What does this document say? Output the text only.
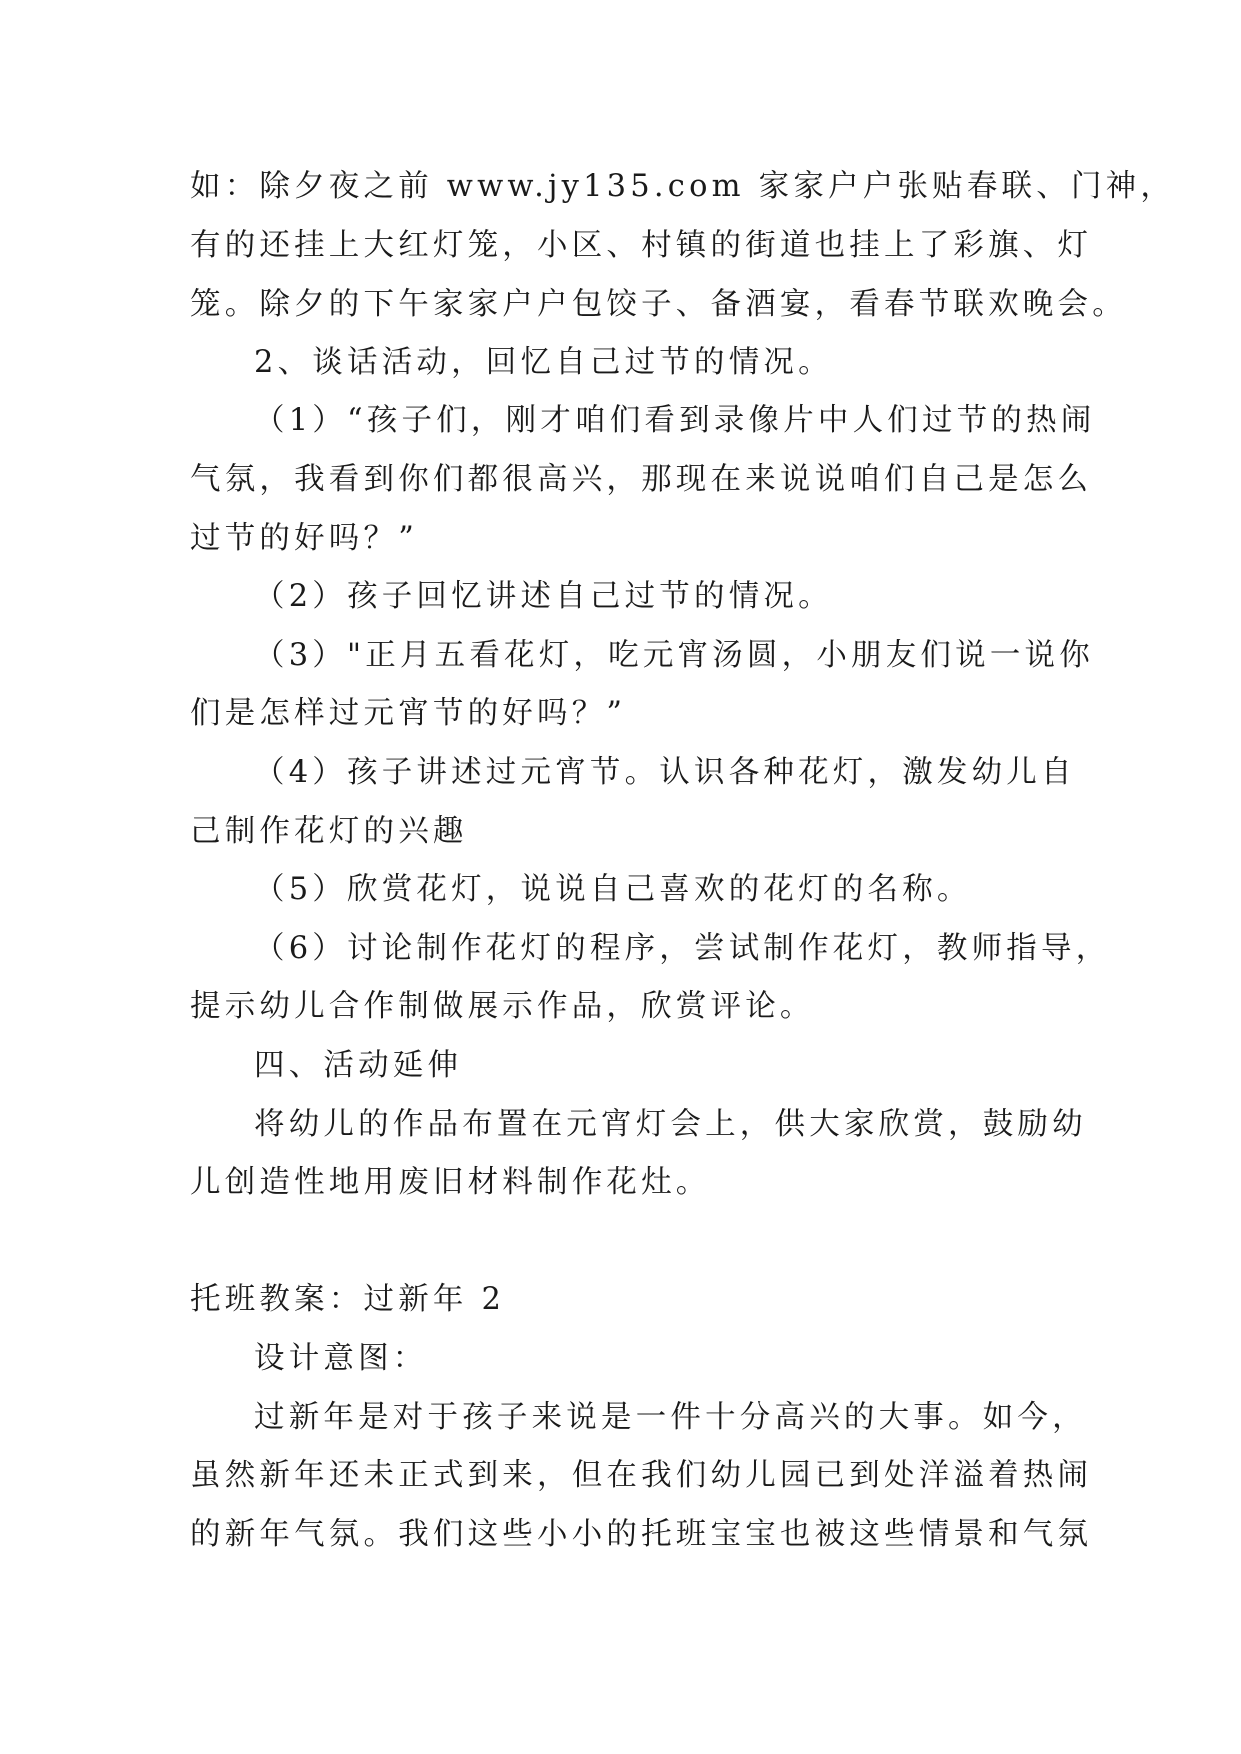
如：除夕夜之前 www.jy135.com 家家户户张贴春联、门神，
有的还挂上大红灯笼，小区、村镇的街道也挂上了彩旗、灯
笼。除夕的下午家家户户包饺子、备酒宴，看春节联欢晚会。
2、谈话活动，回忆自己过节的情况。
（1）“孩子们，刚才咱们看到录像片中人们过节的热闹
气氛，我看到你们都很高兴，那现在来说说咱们自己是怎么
过节的好吗？”
（2）孩子回忆讲述自己过节的情况。
（3）"正月五看花灯，吃元宵汤圆，小朋友们说一说你
们是怎样过元宵节的好吗？”
（4）孩子讲述过元宵节。认识各种花灯，激发幼儿自
己制作花灯的兴趣
（5）欣赏花灯，说说自己喜欢的花灯的名称。
（6）讨论制作花灯的程序，尝试制作花灯，教师指导，
提示幼儿合作制做展示作品，欣赏评论。
四、活动延伸
将幼儿的作品布置在元宵灯会上，供大家欣赏，鼓励幼
儿创造性地用废旧材料制作花灶。
托班教案：过新年 2
设计意图：
过新年是对于孩子来说是一件十分高兴的大事。如今，
虽然新年还未正式到来，但在我们幼儿园已到处洋溢着热闹
的新年气氛。我们这些小小的托班宝宝也被这些情景和气氛
